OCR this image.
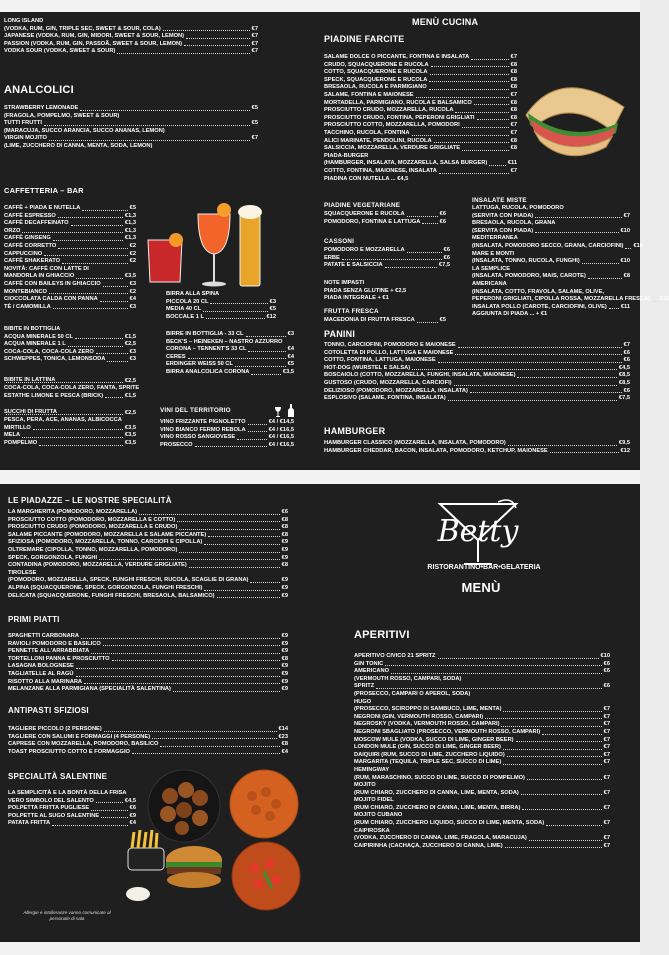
LONG ISLAND
(VODKA, RUM, GIN, TRIPLE SEC, SWEET & SOUR, COLA)	€7
JAPANESE (VODKA, RUM, GIN, MIDORI, SWEET & SOUR, LEMON)	€7
PASSION (VODKA, RUM, GIN, PASSOÃ, SWEET & SOUR, LEMON)	€7
VODKA SOUR (VODKA, SWEET & SOUR)	€7
ANALCOLICI
STRAWBERRY LEMONADE	€5
(FRAGOLA, POMPELMO, SWEET & SOUR)
TUTTI FRUTTI	€5
(MARACUJA, SUCCO ARANCIA, SUCCO ANANAS, LEMON)
VIRGIN MOJITO	€7
(LIME, ZUCCHERO DI CANNA, MENTA, SODA, LEMON)
CAFFETTERIA – BAR
CAFFÈ + PIADA E NUTELLA	€5
CAFFÈ ESPRESSO	€1,3
CAFFÈ DECAFFEINATO	€1,3
ORZO	€1,3
CAFFÈ GINSENG	€1,3
CAFFÈ CORRETTO	€2
CAPPUCCINO	€2
CAFFÈ SHAKERATO	€2
NOVITÀ: CAFFÈ CON LATTE DI
MANDORLA IN GHIACCIO	€3,5
CAFFÈ CON BAILEYS IN GHIACCIO	€3
MONTEBIANCO	€2
CIOCCOLATA CALDA CON PANNA	€4
TÈ / CAMOMILLA	€3
BIBITE IN BOTTIGLIA
ACQUA MINERALE 50 CL	€1,5
ACQUA MINERALE 1 L	€2,5
COCA-COLA, COCA-COLA ZERO	€3
SCHWEPPES, TONICA, LEMONSODA	€3
BIBITE IN LATTINA	€2,5
COCA-COLA, COCA-COLA ZERO, FANTA, SPRITE
ESTATHE LIMONE E PESCA (BRICK)	€1,5
SUCCHI DI FRUTTA	€2,5
PESCA, PERA, ACE, ANANAS, ALBICOCCA
MIRTILLO	€3,5
MELA	€3,5
POMPELMO	€3,5
BIRRA ALLA SPINA
PICCOLA 20 CL	€3
MEDIA 40 CL	€5
BOCCALE 1 L	€12
BIRRE IN BOTTIGLIA - 33 CL	€3
BECK'S – HEINEKEN – NASTRO AZZURRO
CORONA – TENNENT'S 33 CL	€4
CERES	€4
ERDINGER WEISS 50 CL	€5
BIRRA ANALCOLICA CORONA	€3,5
VINI DEL TERRITORIO
VINO FRIZZANTE PIGNOLETTO	€4 / €14,5
VINO BIANCO FERMO REBOLA	€4 / €16,5
VINO ROSSO SANGIOVESE	€4 / €16,5
PROSECCO	€4 / €16,5
MENÙ CUCINA
PIADINE FARCITE
SALAME DOLCE O PICCANTE, FONTINA E INSALATA	€7
CRUDO, SQUACQUERONE E RUCOLA	€8
COTTO, SQUACQUERONE E RUCOLA	€8
SPECK, SQUACQUERONE E RUCOLA	€8
BRESAOLA, RUCOLA E PARMIGIANO	€8
SALAME, FONTINA E MAIONESE	€7
MORTADELLA, PARMIGIANO, RUCOLA E BALSAMICO	€8
PROSCIUTTO CRUDO, MOZZARELLA, RUCOLA	€8
PROSCIUTTO CRUDO, FONTINA, PEPERONI GRIGLIATI	€8
PROSCIUTTO COTTO, MOZZARELLA, POMODORI	€7
TACCHINO, RUCOLA, FONTINA	€7
ALICI MARINATE, PENDOLINI, RUCOLA	€8
SALSICCIA, MOZZARELLA, VERDURE GRIGLIATE	€8
PIADA-BURGER
(HAMBURGER, INSALATA, MOZZARELLA, SALSA BURGER)	€11
COTTO, FONTINA, MAIONESE, INSALATA	€7
PIADINA CON NUTELLA ... €4,5
PIADINE VEGETARIANE
SQUACQUERONE E RUCOLA	€6
POMODORO, FONTINA E LATTUGA	€6
CASSONI
POMODORO E MOZZARELLA	€6
ERBE	€6
PATATE E SALSICCIA	€7,5
NOTE IMPASTI
PIADA SENZA GLUTINE + €2,5
PIADA INTEGRALE + €1
FRUTTA FRESCA
MACEDONIA DI FRUTTA FRESCA	€5
INSALATE MISTE
LATTUGA, RUCOLA, POMODORO
(SERVITA CON PIADA)	€7
BRESAOLA, RUCOLA, GRANA
(SERVITA CON PIADA)	€10
MEDITERRANEA
(INSALATA, POMODORO SECCO, GRANA, CARCIOFINI) €10
MARE E MONTI
(INSALATA, TONNO, RUCOLA, FUNGHI)	€10
LA SEMPLICE
(INSALATA, POMODORO, MAIS, CAROTE)	€8
AMERICANA
(INSALATA, COTTO, FRAVOLA, SALAME, OLIVE,
PEPERONI GRIGLIATI, CIPOLLA ROSSA, MOZZARELLA FRESCA) €11
INSALATA POLLO (CAROTE, CARCIOFINI, OLIVE) €11
AGGIUNTA DI PIADA ... + €1
PANINI
TONNO, CARCIOFINI, POMODORO E MAIONESE	€7
COTOLETTA DI POLLO, LATTUGA E MAIONESE	€6
COTTO, FONTINA, LATTUGA, MAIONESE	€6
HOT-DOG (WURSTEL E SALSA)	€4,5
BOSCAIOLO (COTTO, MOZZARELLA, FUNGHI, INSALATA, MAIONESE)	€8,5
GUSTOSO (CRUDO, MOZZARELLA, CARCIOFI)	€8,5
DELIZIOSO (POMODORO, MOZZARELLA, INSALATA)	€6
ESPLOSIVO (SALAME, FONTINA, INSALATA)	€7,5
HAMBURGER
HAMBURGER CLASSICO (MOZZARELLA, INSALATA, POMODORO)	€9,5
HAMBURGER CHEDDAR, BACON, INSALATA, POMODORO, KETCHUP, MAIONESE	€12
LE PIADAZZE – LE NOSTRE SPECIALITÀ
LA MARGHERITA (POMODORO, MOZZARELLA)	€6
PROSCIUTTO COTTO (POMODORO, MOZZARELLA E COTTO)	€8
PROSCIUTTO CRUDO (POMODORO, MOZZARELLA E CRUDO)	€8
SALAME PICCANTE (POMODORO, MOZZARELLA E SALAME PICCANTE)	€8
SFIZIOSA (POMODORO, MOZZARELLA, TONNO, CARCIOFI E CIPOLLA)	€9
OLTREMARE (CIPOLLA, TONNO, MOZZARELLA, POMODORO)	€9
SPECK, GORGONZOLA, FUNGHI	€9
CONTADINA (POMODORO, MOZZARELLA, VERDURE GRIGLIATE)	€8
TIROLESE
(POMODORO, MOZZARELLA, SPECK, FUNGHI FRESCHI, RUCOLA, SCAGLIE DI GRANA)	€9
ALPINA (SQUACQUERONE, SPECK, GORGONZOLA, FUNGHI FRESCHI)	€9
DELICATA (SQUACQUERONE, FUNGHI FRESCHI, BRESAOLA, BALSAMICO)	€9
PRIMI PIATTI
SPAGHETTI CARBONARA	€9
RAVIOLI POMODORO E BASILICO	€9
PENNETTE ALL'ARRABBIATA	€9
TORTELLONI PANNA E PROSCIUTTO	€8
LASAGNA BOLOGNESE	€9
TAGLIATELLE AL RAGÙ	€9
RISOTTO ALLA MARINARA	€9
MELANZANE ALLA PARMIGIANA (SPECIALITÀ SALENTINA)	€9
ANTIPASTI SFIZIOSI
TAGLIERE PICCOLO (2 PERSONE)	€14
TAGLIERE CON SALUMI E FORMAGGI (4 PERSONE)	€23
CAPRESE CON MOZZARELLA, POMODORO, BASILICO	€8
TOAST PROSCIUTTO COTTO E FORMAGGIO	€4
SPECIALITÀ SALENTINE
LA SEMPLICITÀ E LA BONTÀ DELLA FRISA
VERO SIMBOLO DEL SALENTO	€4,5
POLPETTA FRITTA PUGLIESE	€6
POLPETTE AL SUGO SALENTINE	€9
PATATA FRITTA	€4
Allergie e intolleranze vanno comunicate al personale di sala
Betty
RISTORANTINO•BAR•GELATERIA
MENÙ
APERITIVI
APERITIVO CIVICO 21 SPRITZ	€10
GIN TONIC	€6
AMERICANO	€6
(VERMOUTH ROSSO, CAMPARI, SODA)
SPRITZ	€6
(PROSECCO, CAMPARI O APEROL, SODA)
HUGO
(PROSECCO, SCIROPPO DI SAMBUCO, LIME, MENTA)	€7
NEGRONI (GIN, VERMOUTH ROSSO, CAMPARI)	€7
NEGROSKY (VODKA, VERMOUTH ROSSO, CAMPARI)	€7
NEGRONI SBAGLIATO (PROSECCO, VERMOUTH ROSSO, CAMPARI)	€7
MOSCOW MULE (VODKA, SUCCO DI LIME, GINGER BEER)	€7
LONDON MULE (GIN, SUCCO DI LIME, GINGER BEER)	€7
DAIQUIRI (RUM, SUCCO DI LIME, ZUCCHERO LIQUIDO)	€7
MARGARITA (TEQUILA, TRIPLE SEC, SUCCO DI LIME)	€7
HEMINGWAY
(RUM, MARASCHINO, SUCCO DI LIME, SUCCO DI POMPELMO)	€7
MOJITO
(RUM CHIARO, ZUCCHERO DI CANNA, LIME, MENTA, SODA)	€7
MOJITO FIDEL
(RUM CHIARO, ZUCCHERO DI CANNA, LIME, MENTA, BIRRA)	€7
MOJITO CUBANO
(RUM CHIARO, ZUCCHERO LIQUIDO, SUCCO DI LIME, MENTA, SODA)	€7
CAIPIROSKA
(VODKA, ZUCCHERO DI CANNA, LIME, FRAGOLA, MARACUJA)	€7
CAIPIRINHA (CACHAÇA, ZUCCHERO DI CANNA, LIME)	€7
